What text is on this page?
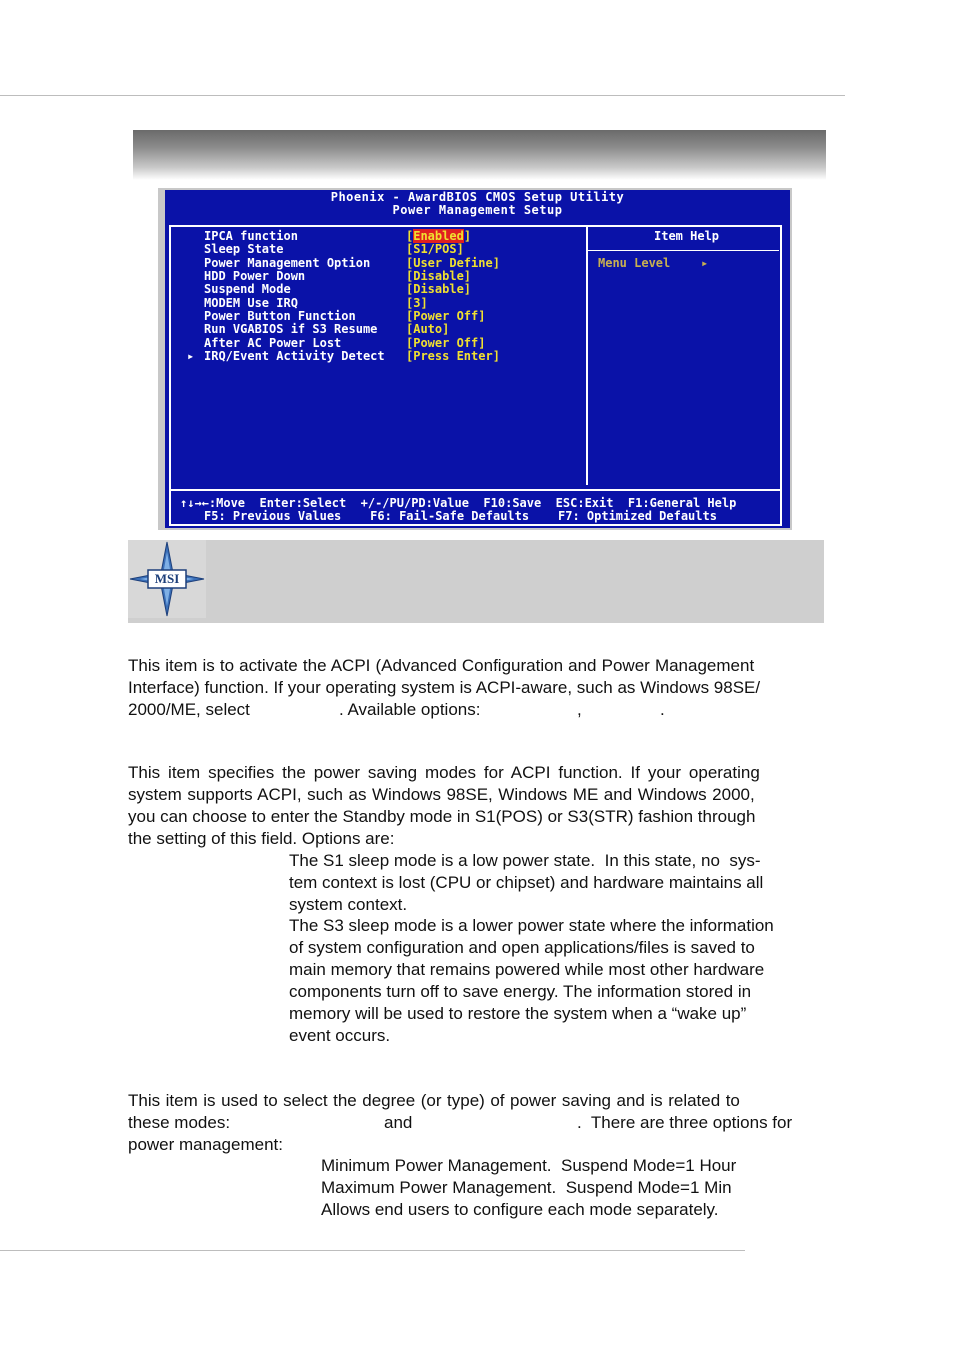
Phoenix - AwardBIOS CMOS Setup Utility
Power Management Setup
IPCA function	[Enabled]
Sleep State	[S1/POS]
Power Management Option	[User Define]
HDD Power Down	[Disable]
Suspend Mode	[Disable]
MODEM Use IRQ	[3]
Power Button Function	[Power Off]
Run VGABIOS if S3 Resume [Auto]
After AC Power Lost	[Power Off]
▸ IRQ/Event Activity Detect [Press Enter]
Item Help
Menu Level	▸
↑↓→←:Move  Enter:Select  +/-/PU/PD:Value  F10:Save  ESC:Exit  F1:General Help
F5: Previous Values    F6: Fail-Safe Defaults    F7: Optimized Defaults
MSI
This item is to activate the ACPI (Advanced Configuration and Power Management
Interface) function. If your operating system is ACPI-aware, such as Windows 98SE/
2000/ME, select	. Available options:	,	.
This item specifies the power saving modes for ACPI function. If your operating
system supports ACPI, such as Windows 98SE, Windows ME and Windows 2000,
you can choose to enter the Standby mode in S1(POS) or S3(STR) fashion through
the setting of this field. Options are:
The S1 sleep mode is a low power state.  In this state, no  sys-
tem context is lost (CPU or chipset) and hardware maintains all
system context.
The S3 sleep mode is a lower power state where the information
of system configuration and open applications/files is saved to
main memory that remains powered while most other hardware
components turn off to save energy. The information stored in
memory will be used to restore the system when a “wake up”
event occurs.
This item is used to select the degree (or type) of power saving and is related to
these modes:	and	.  There are three options for
power management:
Minimum Power Management.  Suspend Mode=1 Hour
Maximum Power Management.  Suspend Mode=1 Min
Allows end users to configure each mode separately.
